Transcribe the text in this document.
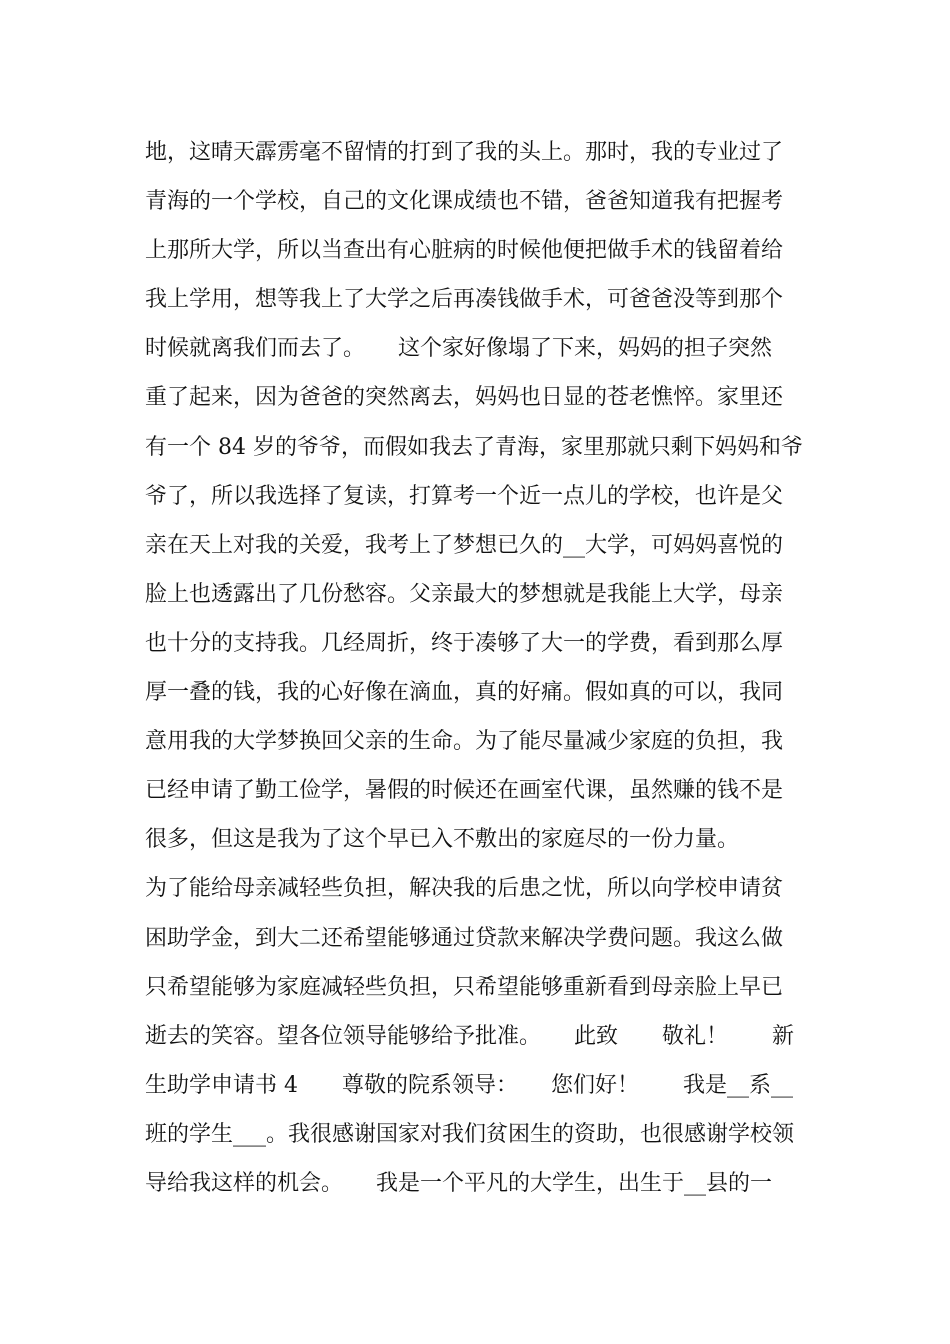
地，这晴天霹雳毫不留情的打到了我的头上。那时，我的专业过了
青海的一个学校，自己的文化课成绩也不错，爸爸知道我有把握考
上那所大学，所以当查出有心脏病的时候他便把做手术的钱留着给
我上学用，想等我上了大学之后再凑钱做手术，可爸爸没等到那个
时候就离我们而去了。　　这个家好像塌了下来，妈妈的担子突然
重了起来，因为爸爸的突然离去，妈妈也日显的苍老憔悴。家里还
有一个 84 岁的爷爷，而假如我去了青海，家里那就只剩下妈妈和爷
爷了，所以我选择了复读，打算考一个近一点儿的学校，也许是父
亲在天上对我的关爱，我考上了梦想已久的__大学，可妈妈喜悦的
脸上也透露出了几份愁容。父亲最大的梦想就是我能上大学，母亲
也十分的支持我。几经周折，终于凑够了大一的学费，看到那么厚
厚一叠的钱，我的心好像在滴血，真的好痛。假如真的可以，我同
意用我的大学梦换回父亲的生命。为了能尽量减少家庭的负担，我
已经申请了勤工俭学，暑假的时候还在画室代课，虽然赚的钱不是
很多，但这是我为了这个早已入不敷出的家庭尽的一份力量。
为了能给母亲减轻些负担，解决我的后患之忧，所以向学校申请贫
困助学金，到大二还希望能够通过贷款来解决学费问题。我这么做
只希望能够为家庭减轻些负担，只希望能够重新看到母亲脸上早已
逝去的笑容。望各位领导能够给予批准。　　此致　　敬礼！　　新
生助学申请书 4　　尊敬的院系领导：　　您们好！　　我是__系__
班的学生___。我很感谢国家对我们贫困生的资助，也很感谢学校领
导给我这样的机会。　　我是一个平凡的大学生，出生于__县的一
